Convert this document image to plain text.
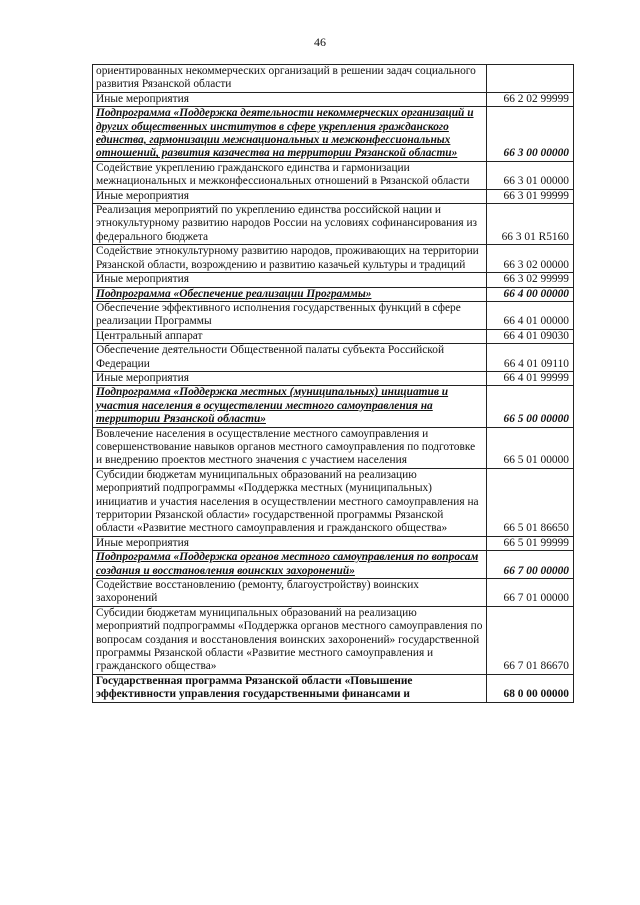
46
ориентированных некоммерческих организаций в решении задач социального развития Рязанской области	
Иные мероприятия	66 2 02 99999
Подпрограмма «Поддержка деятельности некоммерческих организаций и других общественных институтов в сфере укрепления гражданского единства, гармонизации межнациональных и межконфессиональных отношений, развития казачества на территории Рязанской области»	66 3 00 00000
Содействие укреплению гражданского единства и гармонизации межнациональных и межконфессиональных отношений в Рязанской области	66 3 01 00000
Иные мероприятия	66 3 01 99999
Реализация мероприятий по укреплению единства российской нации и этнокультурному развитию народов России на условиях софинансирования из федерального бюджета	66 3 01 R5160
Содействие этнокультурному развитию народов, проживающих на территории Рязанской области, возрождению и развитию казачьей культуры и традиций	66 3 02 00000
Иные мероприятия	66 3 02 99999
Подпрограмма «Обеспечение реализации Программы»	66 4 00 00000
Обеспечение эффективного исполнения государственных функций в сфере реализации Программы	66 4 01 00000
Центральный аппарат	66 4 01 09030
Обеспечение деятельности Общественной палаты субъекта Российской Федерации	66 4 01 09110
Иные мероприятия	66 4 01 99999
Подпрограмма «Поддержка местных (муниципальных) инициатив и участия населения в осуществлении местного самоуправления на территории Рязанской области»	66 5 00 00000
Вовлечение населения в осуществление местного самоуправления и совершенствование навыков органов местного самоуправления по подготовке и внедрению проектов местного значения с участием населения	66 5 01 00000
Субсидии бюджетам муниципальных образований на реализацию мероприятий подпрограммы «Поддержка местных (муниципальных) инициатив и участия населения в осуществлении местного самоуправления на территории Рязанской области» государственной программы Рязанской области «Развитие местного самоуправления и гражданского общества»	66 5 01 86650
Иные мероприятия	66 5 01 99999
Подпрограмма «Поддержка органов местного самоуправления по вопросам создания и восстановления воинских захоронений»	66 7 00 00000
Содействие восстановлению (ремонту, благоустройству) воинских захоронений	66 7 01 00000
Субсидии бюджетам муниципальных образований на реализацию мероприятий подпрограммы «Поддержка органов местного самоуправления по вопросам создания и восстановления воинских захоронений» государственной программы Рязанской области «Развитие местного самоуправления и гражданского общества»	66 7 01 86670
Государственная программа Рязанской области «Повышение эффективности управления государственными финансами и	68 0 00 00000
